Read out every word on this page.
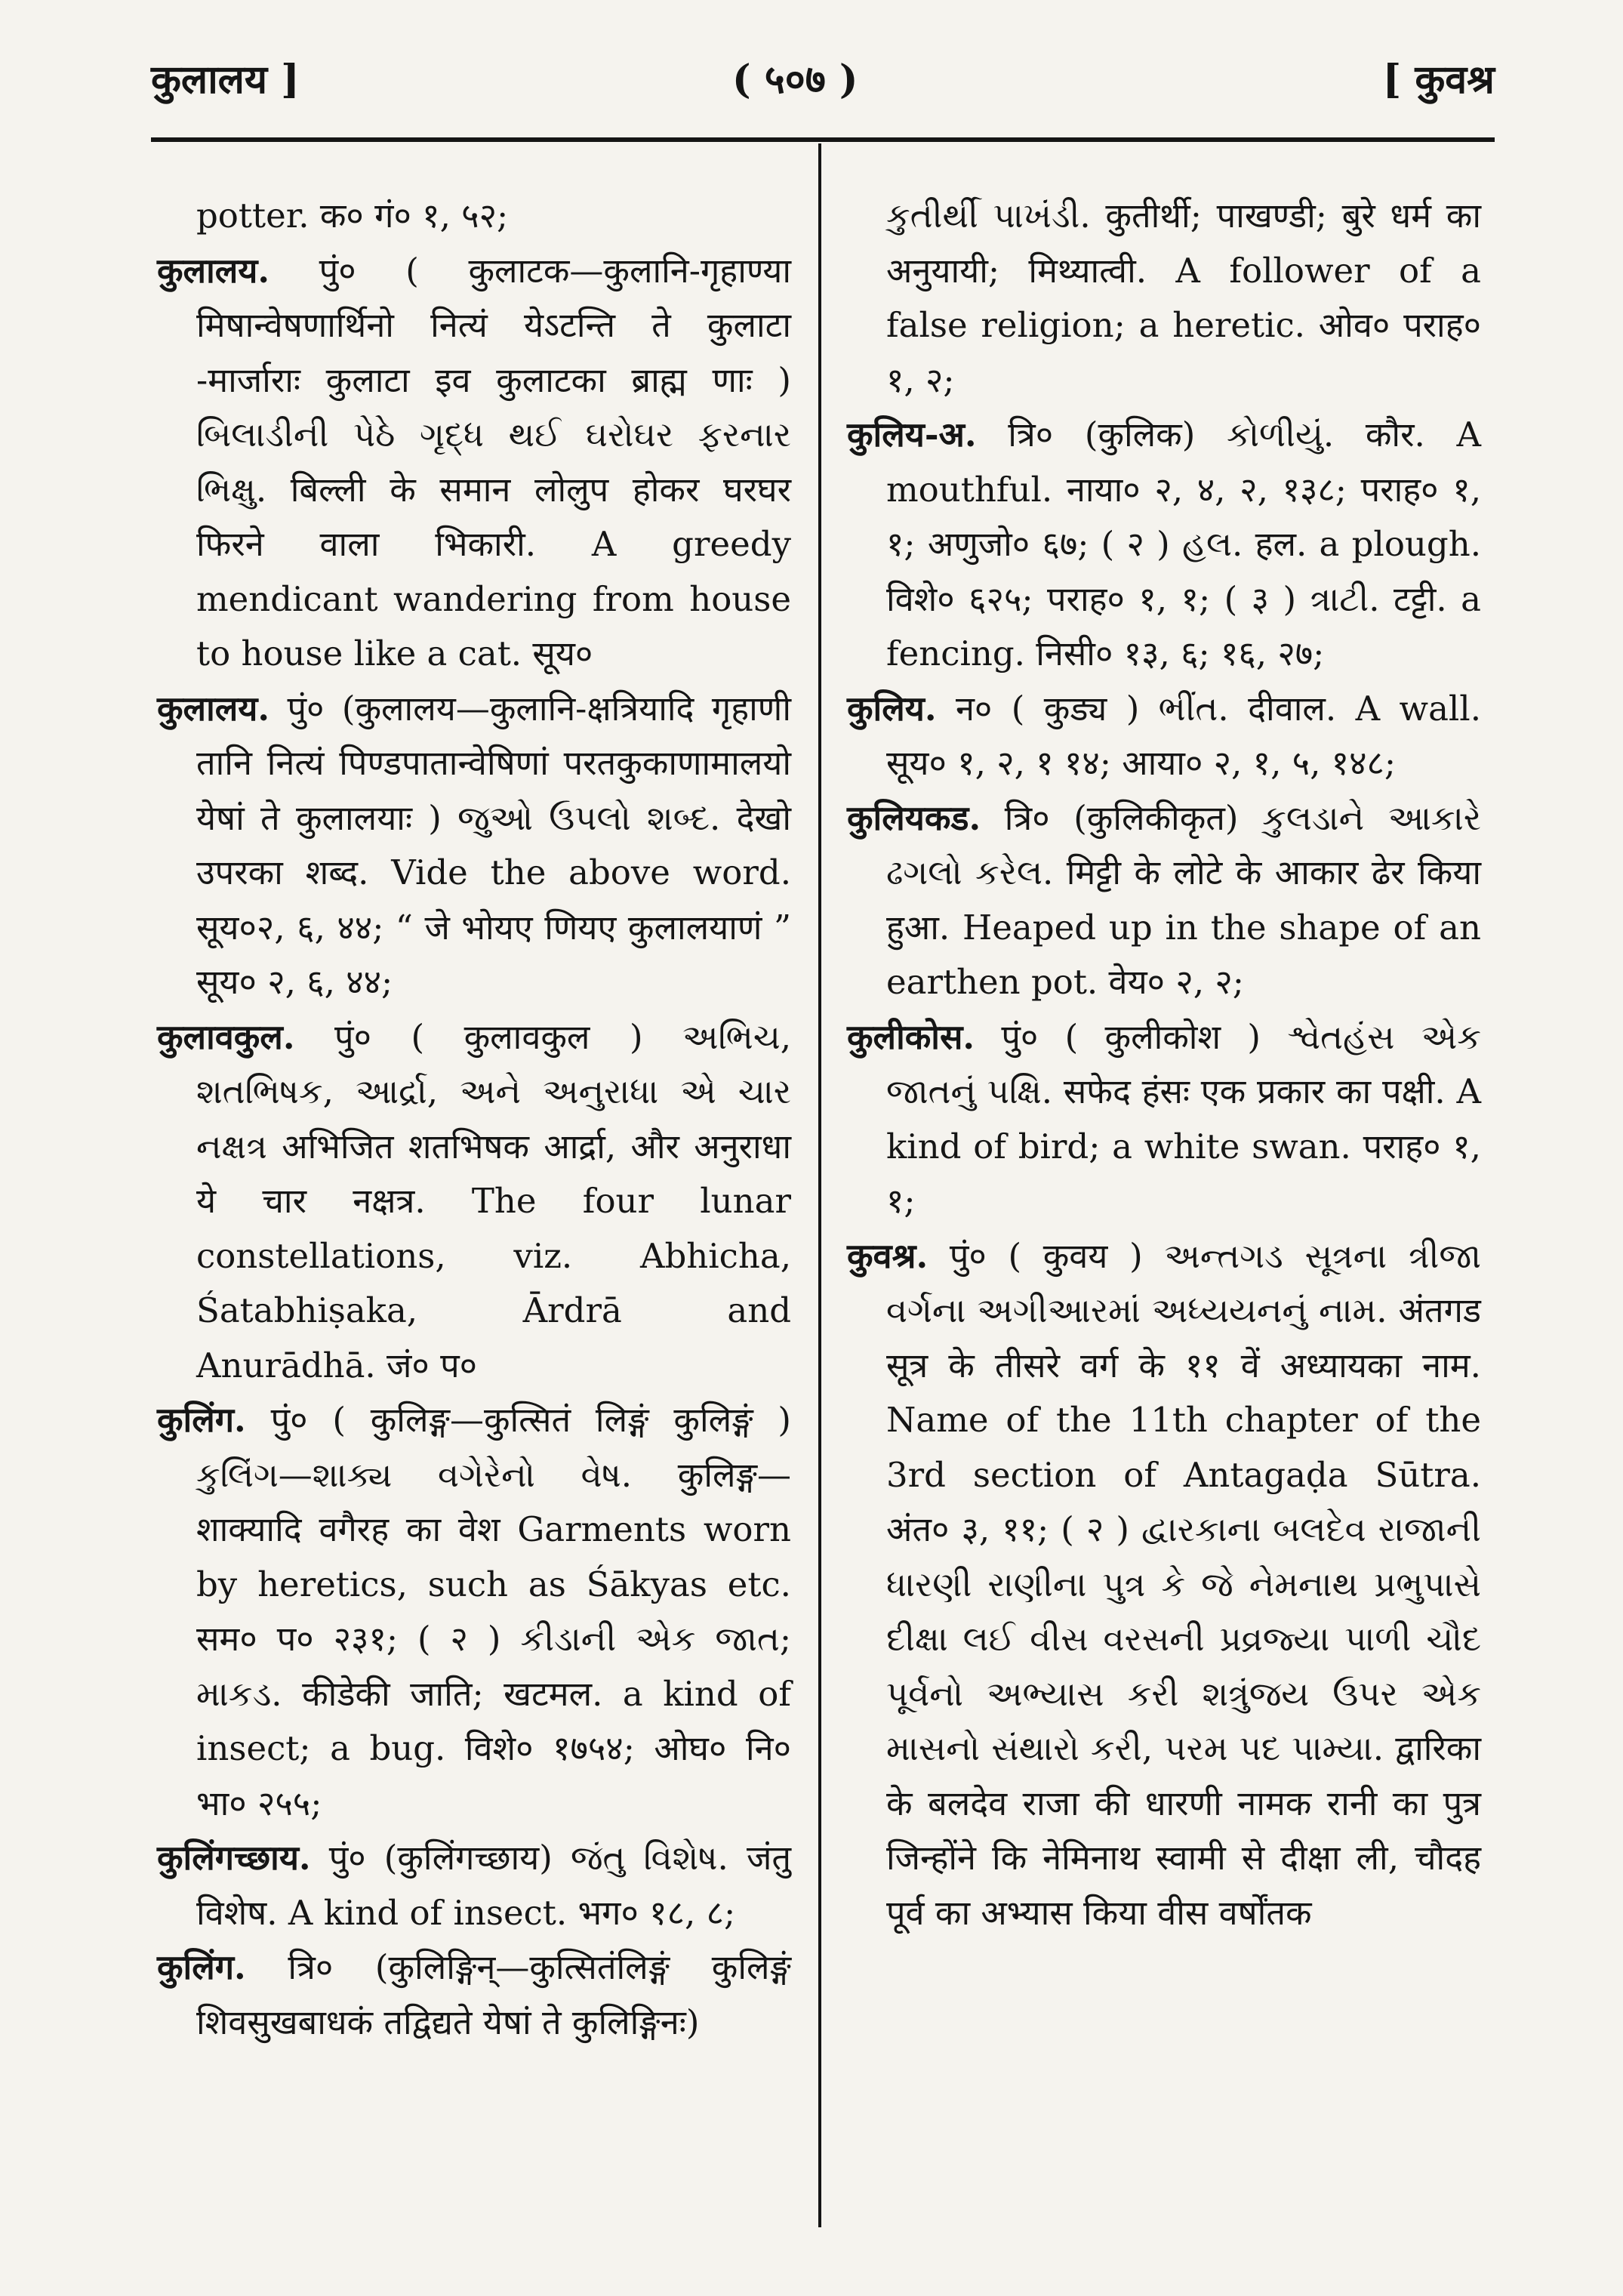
कुलालय ]	( ५०७ )	[ कुवश्र

potter. क० गं० १, ५२;

कुलालय. पुं० ( कुलाटक—कुलानि-गृहाण्या मिषान्वेषणार्थिनो नित्यं येऽटन्ति ते कुलाटा -मार्जाराः कुलाटा इव कुलाटका ब्राह्म णाः ) બિલાડીની પેઠે ગૃદ્ધ થઈ ઘરોઘર ફરનાર ભિક્ષુ. बिल्ली के समान लोलुप होकर घरघर फिरने वाला भिकारी. A greedy mendicant wandering from house to house like a cat. सूय०

कुलालय. पुं० (कुलालय—कुलानि-क्षत्रियादि गृहाणी तानि नित्यं पिण्डपातान्वेषिणां परतकुकाणामालयो येषां ते कुलालयाः ) જુઓ ઉપલો શબ્દ. देखो उपरका शब्द. Vide the above word. सूय०२, ६, ४४; “ जे भोयए णियए कुलालयाणं ” सूय० २, ६, ४४;

कुलावकुल. पुं० ( कुलावकुल ) અભિચ, શતભિષક, આર્દ્રા, અને અનુરાધા એ ચાર નક્ષત્ર अभिजित शतभिषक आर्द्रा, और अनुराधा ये चार नक्षत्र. The four lunar constellations, viz. Abhicha, Śatabhiṣaka, Ārdrā and Anurādhā. जं० प०

कुलिंग. पुं० ( कुलिङ्ग—कुत्सितं लिङ्गं कुलिङ्गं ) કુલિંગ—શાક્ય વગેરેનો વેષ. कुलिङ्ग—शाक्यादि वगैरह का वेश Garments worn by heretics, such as Śākyas etc. सम० प० २३१; ( २ ) કીડાની એક જાત; માકડ. कीडेकी जाति; खटमल. a kind of insect; a bug. विशे० १७५४; ओघ० नि० भा० २५५;

कुलिंगच्छाय. पुं० (कुलिंगच्छाय) જંતુ વિશેષ. जंतु विशेष. A kind of insect. भग० १८, ८;

कुलिंग. त्रि० (कुलिङ्गिन्—कुत्सितंलिङ्गं कुलिङ्गं शिवसुखबाधकं तद्विद्यते येषां ते कुलिङ्गिनः)

કુતીર્થી પાખંડી. कुतीर्थी; पाखण्डी; बुरे धर्म का अनुयायी; मिथ्यात्वी. A follower of a false religion; a heretic. ओव० पराह० १, २;

कुलिय-अ. त्रि० (कुलिक) કોળીયું. कौर. A mouthful. नाया० २, ४, २, १३८; पराह० १, १; अणुजो० ६७; ( २ ) હલ. हल. a plough. विशे० ६२५; पराह० १, १; ( ३ ) ત્રાટી. टट्टी. a fencing. निसी० १३, ६; १६, २७;

कुलिय. न० ( कुड्य ) ભીંત. दीवाल. A wall. सूय० १, २, १ १४; आया० २, १, ५, १४८;

कुलियकड. त्रि० (कुलिकीकृत) કુલડાને આકારે ઢગલો કરેલ. मिट्टी के लोटे के आकार ढेर किया हुआ. Heaped up in the shape of an earthen pot. वेय० २, २;

कुलीकोस. पुं० ( कुलीकोश ) શ્વેતહંસ એક જાતનું પક્ષિ. सफेद हंसः एक प्रकार का पक्षी. A kind of bird; a white swan. पराह० १, १;

कुवश्र. पुं० ( कुवय ) અન્તગડ સૂત્રના ત્રીજા વર્ગના અગીઆરમાં અધ્યયનનું નામ. अंतगड सूत्र के तीसरे वर्ग के ११ वें अध्यायका नाम. Name of the 11th chapter of the 3rd section of Antagaḍa Sūtra. अंत० ३, ११; ( २ ) દ્વારકાના બલદેવ રાજાની ધારણી રાણીના પુત્ર કે જે નેમનાથ પ્રભુપાસે દીક્ષા લઈ વીસ વરસની પ્રવ્રજ્યા પાળી ચૌદ પૂર્વનો અભ્યાસ કરી શત્રુંજય ઉપર એક માસનો સંથારો કરી, પરમ પદ પામ્યા. द्वारिका के बलदेव राजा की धारणी नामक रानी का पुत्र जिन्होंने कि नेमिनाथ स्वामी से दीक्षा ली, चौदह पूर्व का अभ्यास किया वीस वर्षोंतक
